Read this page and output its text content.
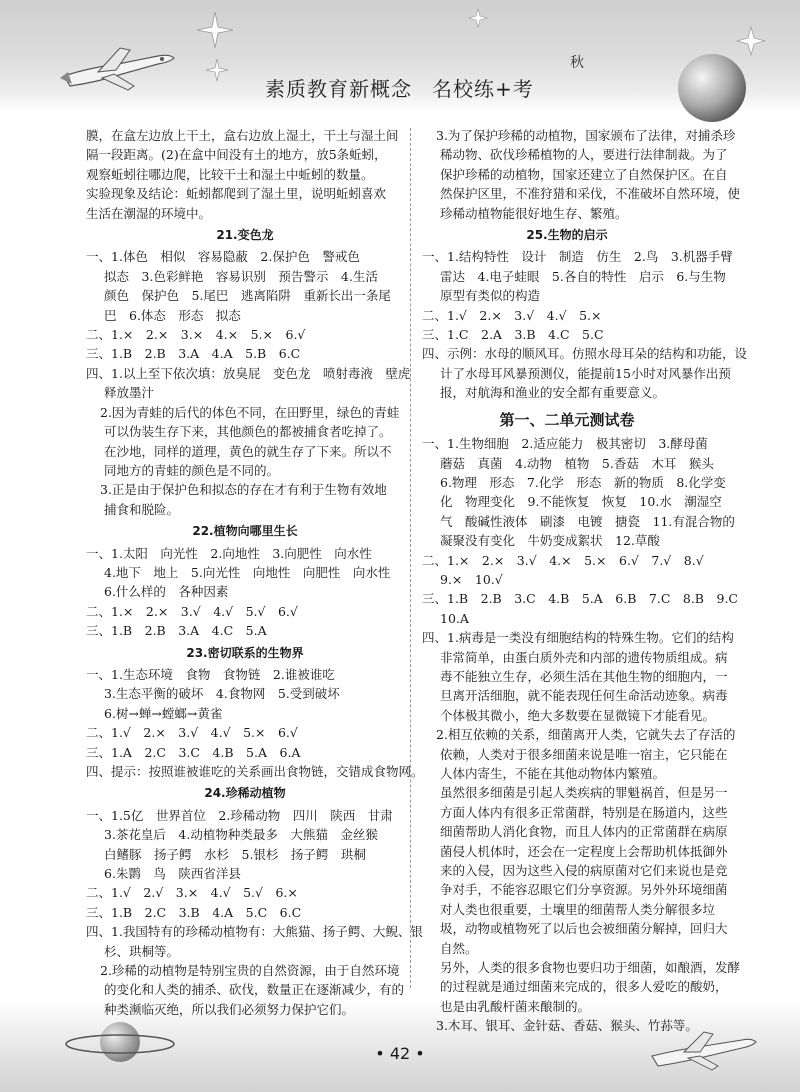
素质教育新概念 名校练+考
秋
膜，在盒左边放上干土，盒右边放上湿土，干土与湿土间
隔一段距离。(2)在盒中间没有土的地方，放5条蚯蚓，
观察蚯蚓往哪边爬，比较干土和湿土中蚯蚓的数量。
实验现象及结论：蚯蚓都爬到了湿土里，说明蚯蚓喜欢
生活在潮湿的环境中。
21.变色龙
一、1.体色　相似　容易隐蔽　2.保护色　警戒色
拟态　3.色彩鲜艳　容易识别　预告警示　4.生活
颜色　保护色　5.尾巴　逃离陷阱　重新长出一条尾
巴　6.体态　形态　拟态
二、1.×　2.×　3.×　4.×　5.×　6.√
三、1.B　2.B　3.A　4.A　5.B　6.C
四、1.以上至下依次填：放臭屁　变色龙　喷射毒液　壁虎
释放墨汁
2.因为青蛙的后代的体色不同，在田野里，绿色的青蛙
可以伪装生存下来，其他颜色的都被捕食者吃掉了。
在沙地，同样的道理，黄色的就生存了下来。所以不
同地方的青蛙的颜色是不同的。
3.正是由于保护色和拟态的存在才有利于生物有效地
捕食和脱险。
22.植物向哪里生长
一、1.太阳　向光性　2.向地性　3.向肥性　向水性
4.地下　地上　5.向光性　向地性　向肥性　向水性
6.什么样的　各种因素
二、1.×　2.×　3.√　4.√　5.√　6.√
三、1.B　2.B　3.A　4.C　5.A
23.密切联系的生物界
一、1.生态环境　食物　食物链　2.谁被谁吃
3.生态平衡的破坏　4.食物网　5.受到破坏
6.树→蝉→螳螂→黄雀
二、1.√　2.×　3.√　4.√　5.×　6.√
三、1.A　2.C　3.C　4.B　5.A　6.A
四、提示：按照谁被谁吃的关系画出食物链，交错成食物网。
24.珍稀动植物
一、1.5亿　世界首位　2.珍稀动物　四川　陕西　甘肃
3.茶花皇后　4.动植物种类最多　大熊猫　金丝猴
白鳍豚　扬子鳄　水杉　5.银杉　扬子鳄　珙桐
6.朱鹮　鸟　陕西省洋县
二、1.√　2.√　3.×　4.√　5.√　6.×
三、1.B　2.C　3.B　4.A　5.C　6.C
四、1.我国特有的珍稀动植物有：大熊猫、扬子鳄、大鲵、银
杉、珙桐等。
2.珍稀的动植物是特别宝贵的自然资源，由于自然环境
的变化和人类的捕杀、砍伐，数量正在逐渐减少，有的
种类濒临灭绝，所以我们必须努力保护它们。
3.为了保护珍稀的动植物，国家颁布了法律，对捕杀珍
稀动物、砍伐珍稀植物的人，要进行法律制裁。为了
保护珍稀的动植物，国家还建立了自然保护区。在自
然保护区里，不准狩猎和采伐，不准破坏自然环境，使
珍稀动植物能很好地生存、繁殖。
25.生物的启示
一、1.结构特性　设计　制造　仿生　2.鸟　3.机器手臂
雷达　4.电子蛙眼　5.各自的特性　启示　6.与生物
原型有类似的构造
二、1.√　2.×　3.√　4.√　5.×
三、1.C　2.A　3.B　4.C　5.C
四、示例：水母的顺风耳。仿照水母耳朵的结构和功能，设
计了水母耳风暴预测仪，能提前15小时对风暴作出预
报，对航海和渔业的安全都有重要意义。
第一、二单元测试卷
一、1.生物细胞　2.适应能力　极其密切　3.酵母菌
蘑菇　真菌　4.动物　植物　5.香菇　木耳　猴头
6.物理　形态　7.化学　形态　新的物质　8.化学变
化　物理变化　9.不能恢复　恢复　10.水　潮湿空
气　酸碱性液体　刷漆　电镀　搪瓷　11.有混合物的
凝聚没有变化　牛奶变成絮状　12.草酸
二、1.×　2.×　3.√　4.×　5.×　6.√　7.√　8.√
9.×　10.√
三、1.B　2.B　3.C　4.B　5.A　6.B　7.C　8.B　9.C
10.A
四、1.病毒是一类没有细胞结构的特殊生物。它们的结构
非常简单，由蛋白质外壳和内部的遗传物质组成。病
毒不能独立生存，必须生活在其他生物的细胞内，一
旦离开活细胞，就不能表现任何生命活动迹象。病毒
个体极其微小，绝大多数要在显微镜下才能看见。
2.相互依赖的关系，细菌离开人类，它就失去了存活的
依赖，人类对于很多细菌来说是唯一宿主，它只能在
人体内寄生，不能在其他动物体内繁殖。
虽然很多细菌是引起人类疾病的罪魁祸首，但是另一
方面人体内有很多正常菌群，特别是在肠道内，这些
细菌帮助人消化食物，而且人体内的正常菌群在病原
菌侵人机体时，还会在一定程度上会帮助机体抵御外
来的入侵，因为这些入侵的病原菌对它们来说也是竞
争对手，不能容忍眼它们分享资源。另外外环境细菌
对人类也很重要，土壤里的细菌帮人类分解很多垃
圾，动物或植物死了以后也会被细菌分解掉，回归大
自然。
另外，人类的很多食物也要归功于细菌，如酿酒，发酵
的过程就是通过细菌来完成的，很多人爱吃的酸奶，
也是由乳酸杆菌来酿制的。
3.木耳、银耳、金针菇、香菇、猴头、竹荪等。
• 42 •
